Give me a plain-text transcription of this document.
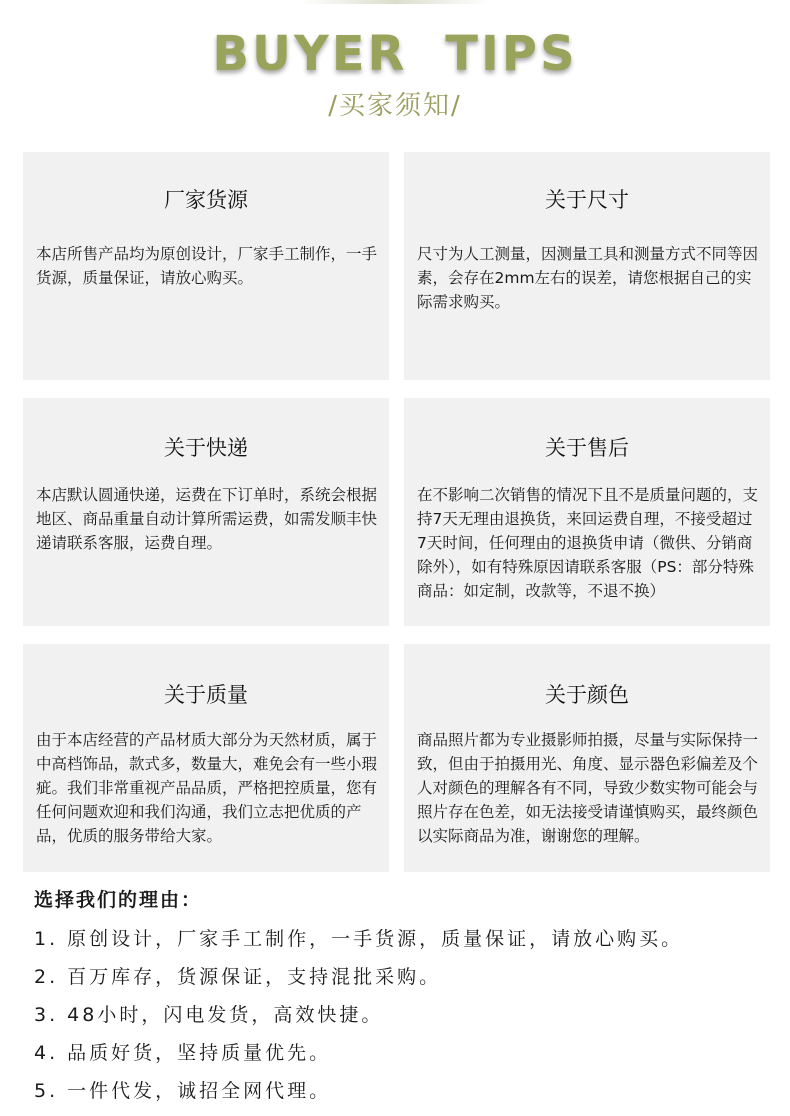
BUYER TIPS
/买家须知/
厂家货源
本店所售产品均为原创设计，厂家手工制作，一手货源，质量保证，请放心购买。
关于尺寸
尺寸为人工测量，因测量工具和测量方式不同等因素，会存在2mm左右的误差，请您根据自己的实际需求购买。
关于快递
本店默认圆通快递，运费在下订单时，系统会根据地区、商品重量自动计算所需运费，如需发顺丰快递请联系客服，运费自理。
关于售后
在不影响二次销售的情况下且不是质量问题的，支持7天无理由退换货，来回运费自理，不接受超过7天时间，任何理由的退换货申请（微供、分销商除外），如有特殊原因请联系客服（PS：部分特殊商品：如定制，改款等，不退不换）
关于质量
由于本店经营的产品材质大部分为天然材质，属于中高档饰品，款式多，数量大，难免会有一些小瑕疵。我们非常重视产品品质，严格把控质量，您有任何问题欢迎和我们沟通，我们立志把优质的产品，优质的服务带给大家。
关于颜色
商品照片都为专业摄影师拍摄，尽量与实际保持一致，但由于拍摄用光、角度、显示器色彩偏差及个人对颜色的理解各有不同，导致少数实物可能会与照片存在色差，如无法接受请谨慎购买，最终颜色以实际商品为准，谢谢您的理解。
选择我们的理由：
1. 原创设计，厂家手工制作，一手货源，质量保证，请放心购买。
2. 百万库存，货源保证，支持混批采购。
3. 48小时，闪电发货，高效快捷。
4. 品质好货，坚持质量优先。
5. 一件代发，诚招全网代理。
